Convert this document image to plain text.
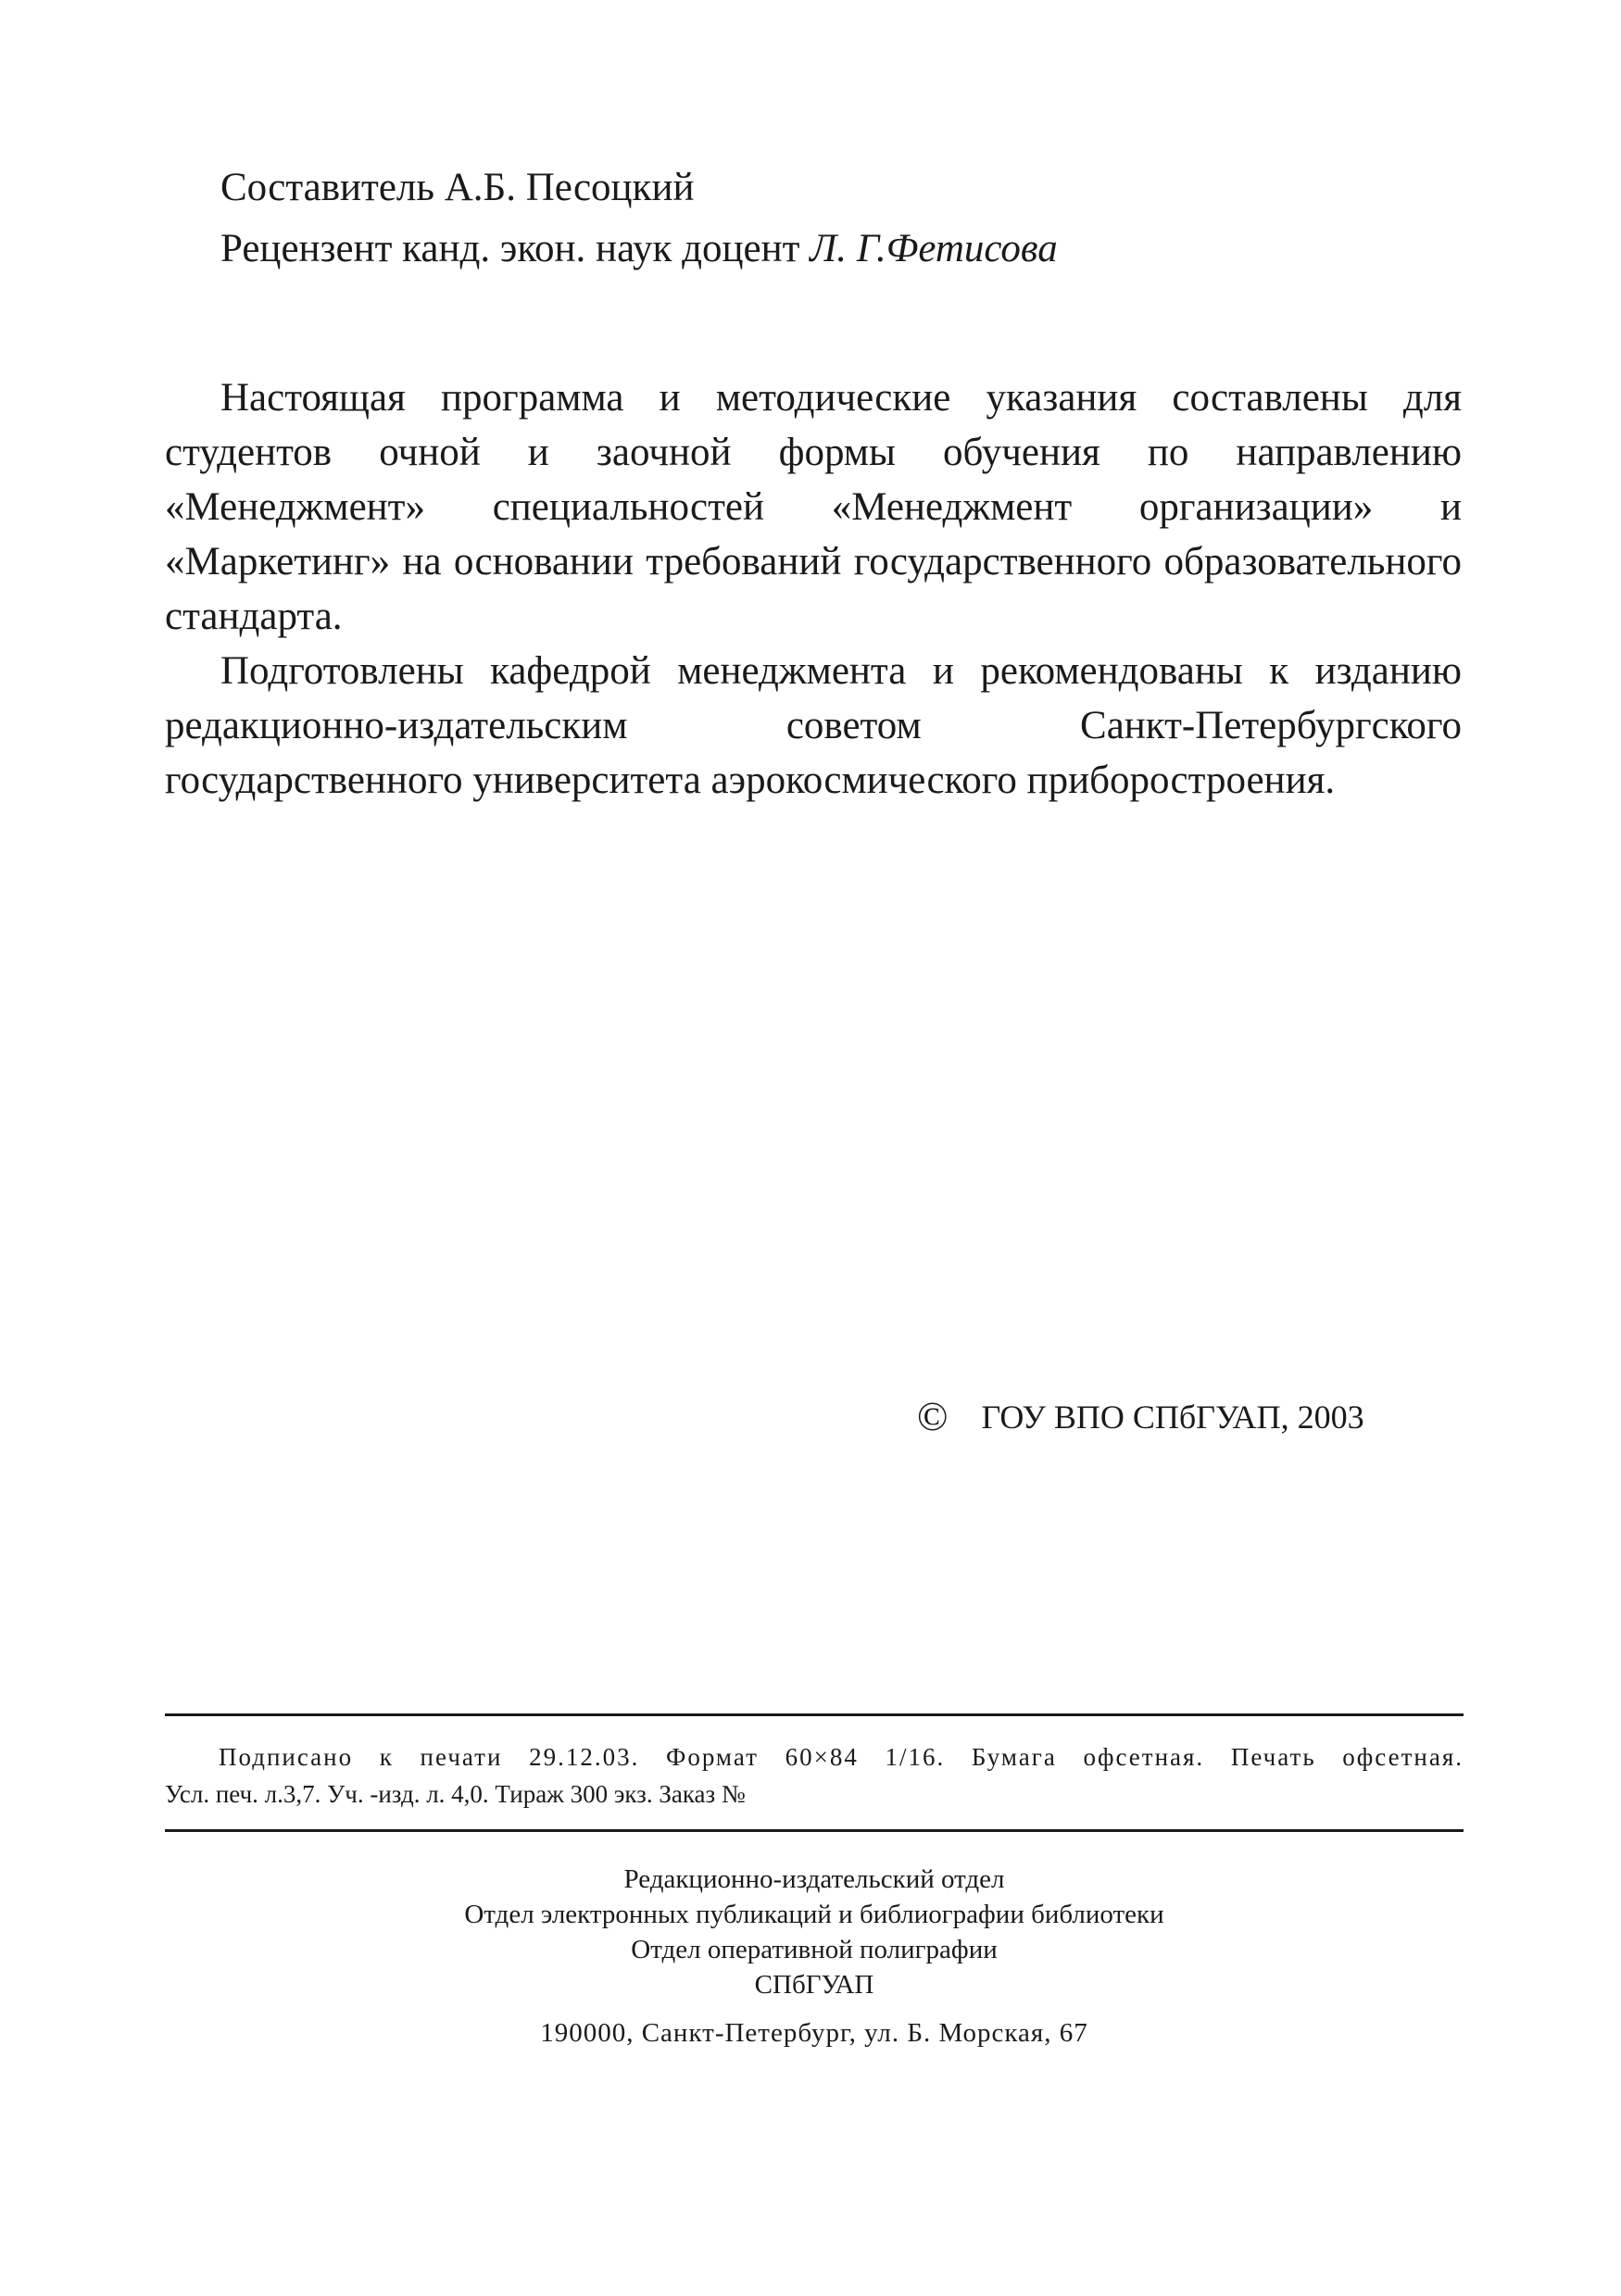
Составитель А.Б. Песоцкий
Рецензент канд. экон. наук доцент Л. Г.Фетисова

Настоящая программа и методические указания составлены для студентов очной и заочной формы обучения по направлению «Менеджмент» специальностей «Менеджмент организации» и «Маркетинг» на основании требований государственного образовательного стандарта.

Подготовлены кафедрой менеджмента и рекомендованы к изданию редакционно-издательским советом Санкт-Петербургского государственного университета аэрокосмического приборостроения.

© ГОУ ВПО СПбГУАП, 2003
Подписано к печати 29.12.03. Формат 60×84 1/16. Бумага офсетная. Печать офсетная.
Усл. печ. л.3,7. Уч. -изд. л. 4,0. Тираж 300 экз. Заказ №
Редакционно-издательский отдел
Отдел электронных публикаций и библиографии библиотеки
Отдел оперативной полиграфии
СПбГУАП
190000, Санкт-Петербург, ул. Б. Морская, 67
